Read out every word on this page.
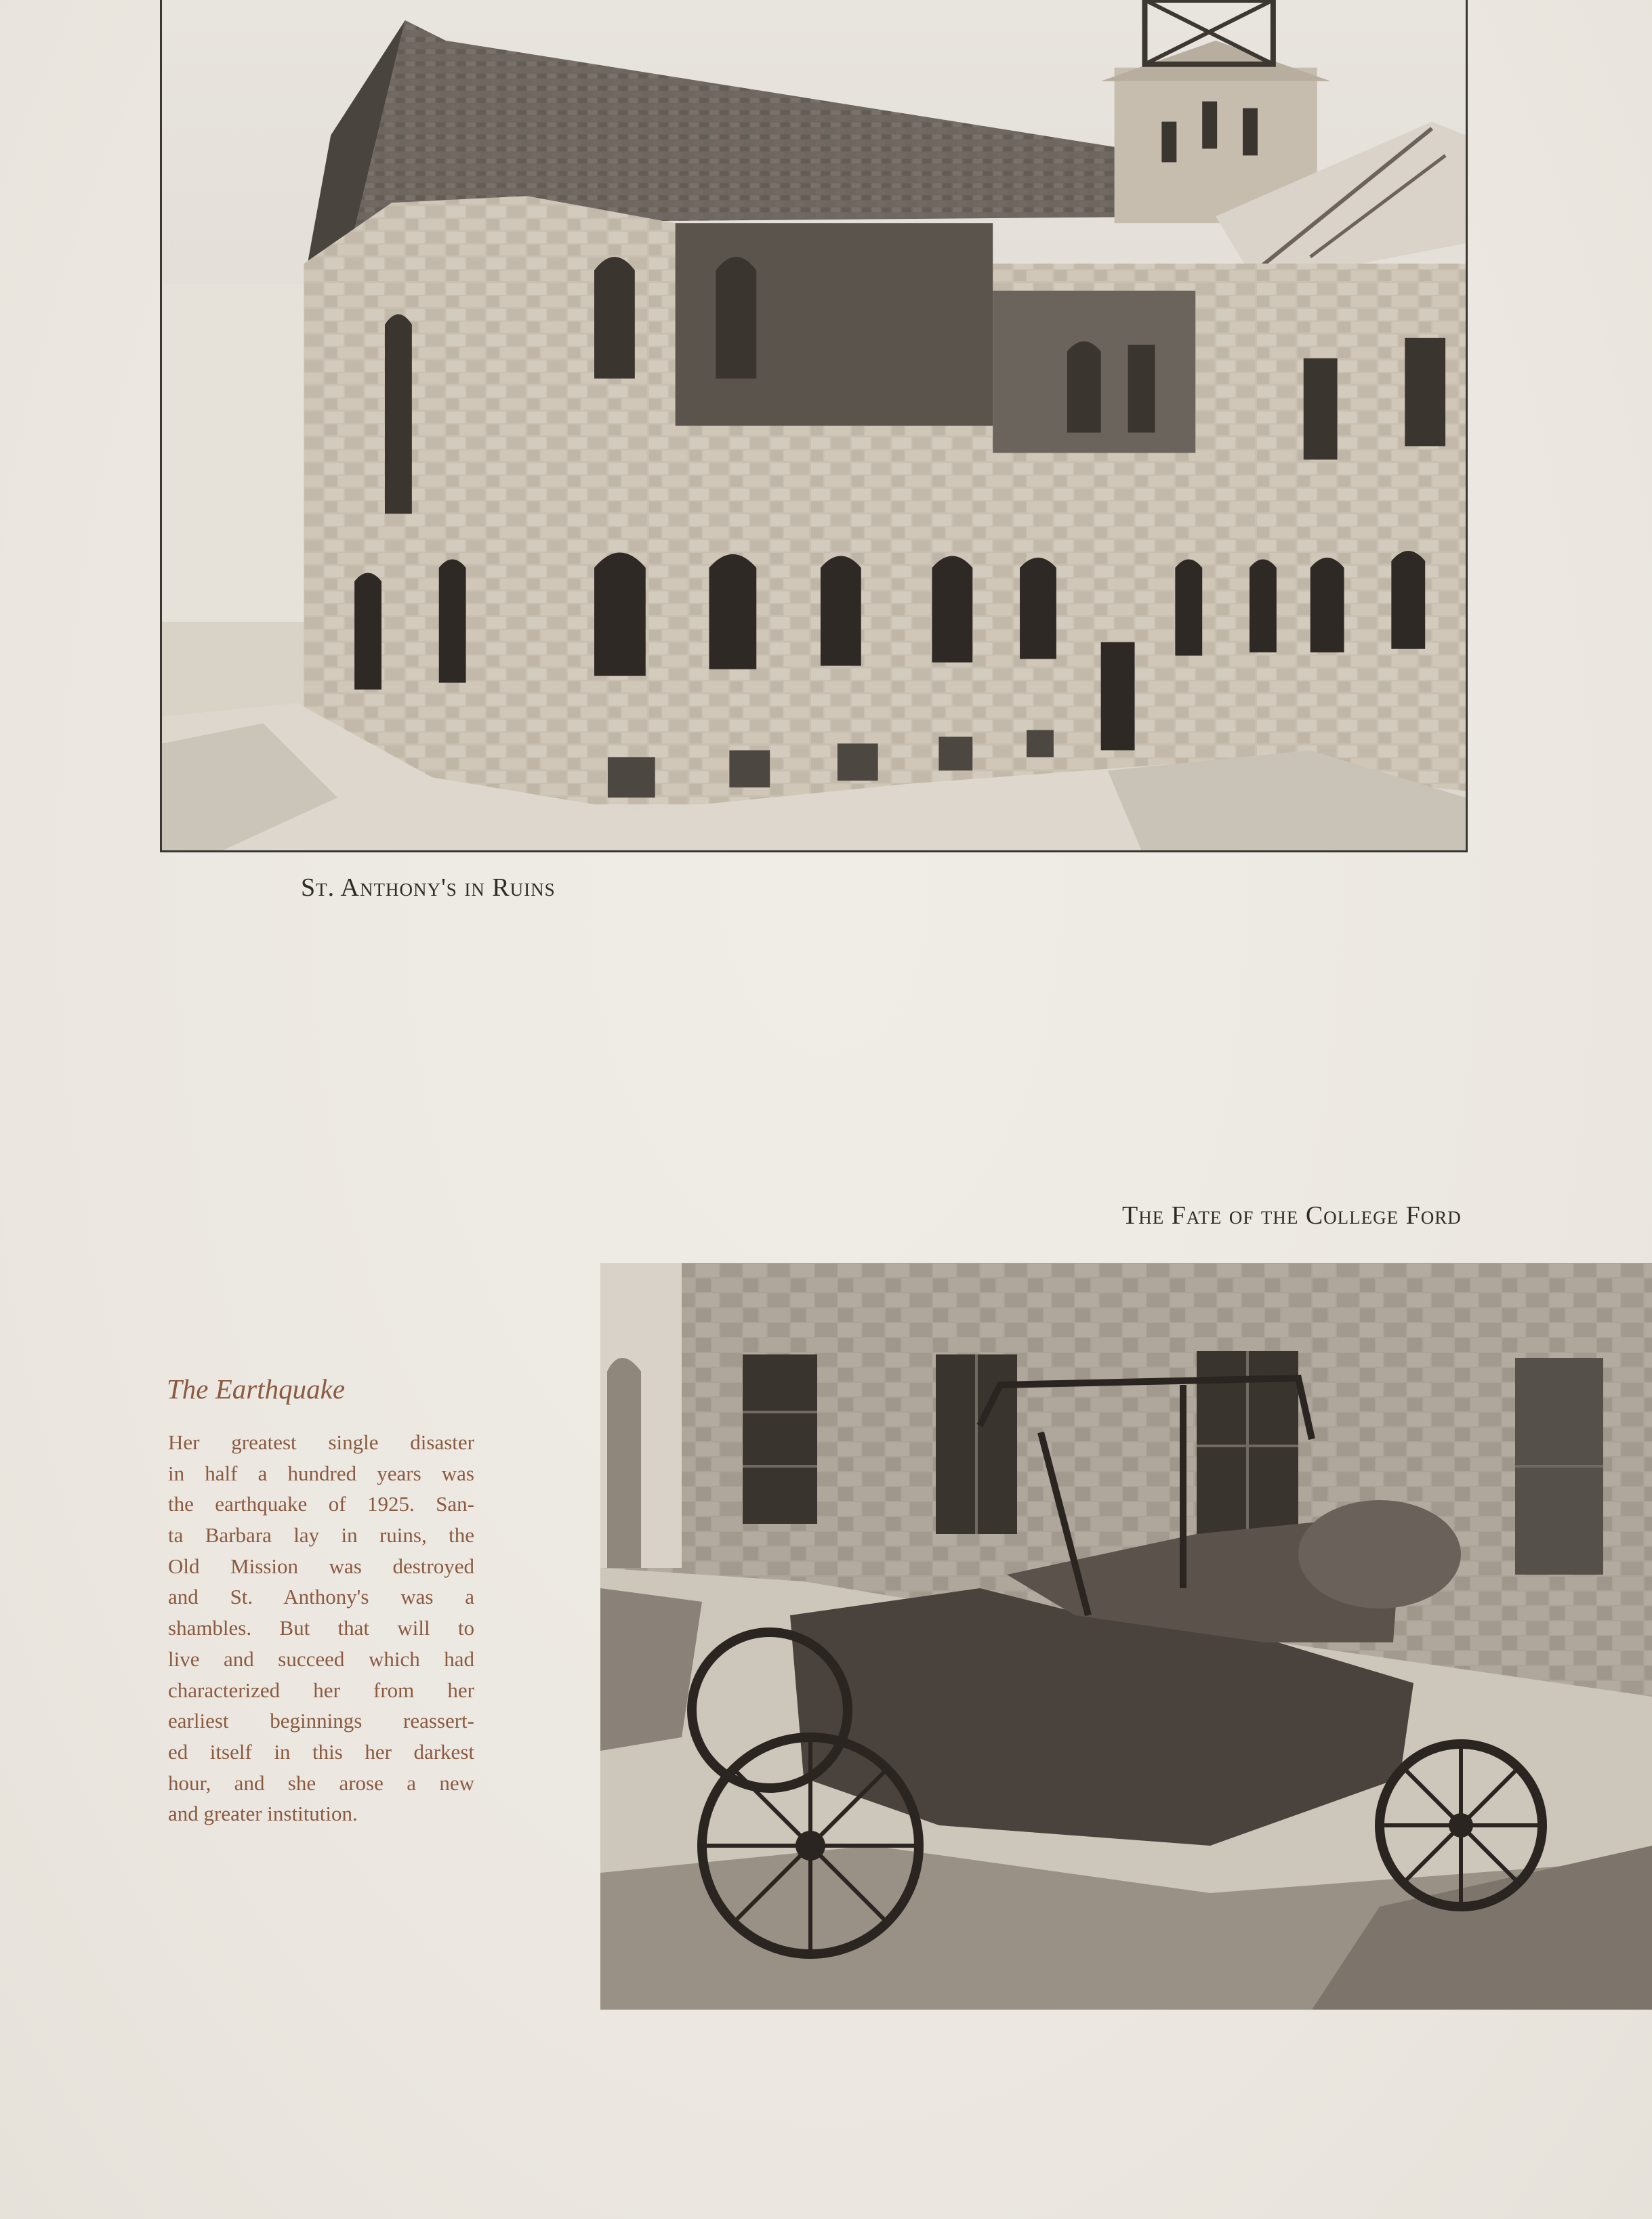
St. Anthony's in Ruins
The Fate of the College Ford
The Earthquake
Her greatest single disaster
in half a hundred years was
the earthquake of 1925. San-
ta Barbara lay in ruins, the
Old Mission was destroyed
and St. Anthony's was a
shambles. But that will to
live and succeed which had
characterized her from her
earliest beginnings reassert-
ed itself in this her darkest
hour, and she arose a new
and greater institution.
